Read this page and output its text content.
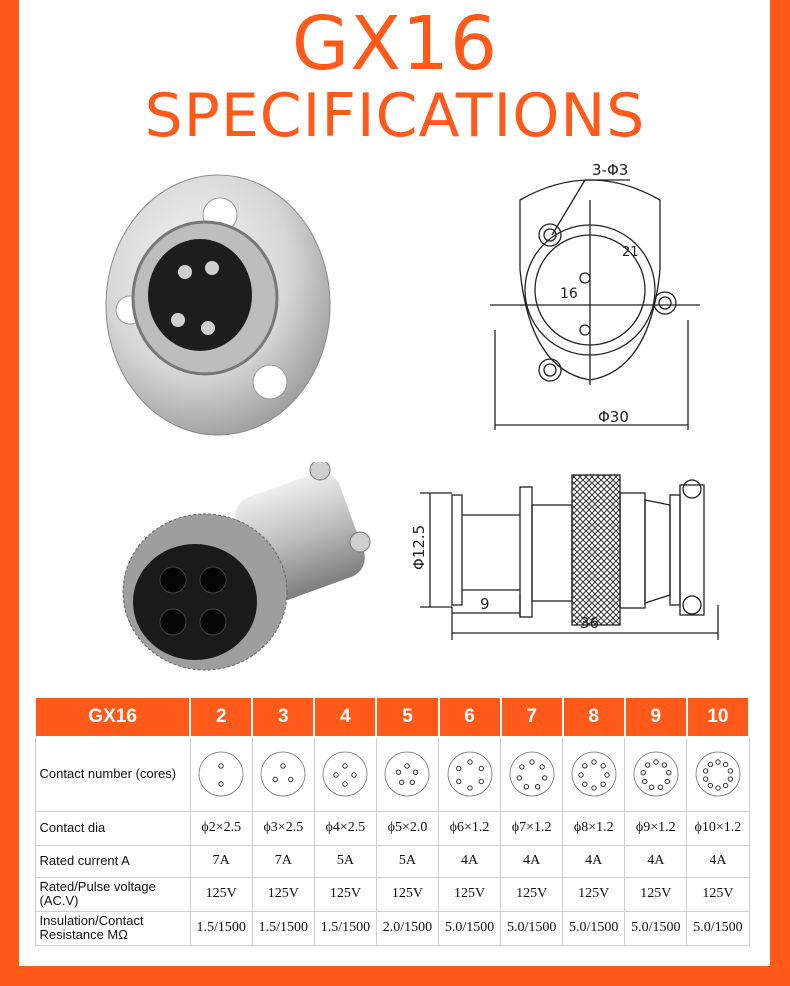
GX16
SPECIFICATIONS
3-Φ3
21
16
Φ30
Φ12.5
9
36
GX16	2	3	4	5	6	7	8	9	10
Contact number (cores)	

Contact dia	ϕ2×2.5	ϕ3×2.5	ϕ4×2.5	ϕ5×2.0	ϕ6×1.2	ϕ7×1.2	ϕ8×1.2	ϕ9×1.2	ϕ10×1.2
Rated current A	7A	7A	5A	5A	4A	4A	4A	4A	4A
Rated/Pulse voltage
(AC.V)	125V	125V	125V	125V	125V	125V	125V	125V	125V
Insulation/Contact
Resistance MΩ	1.5/1500	1.5/1500	1.5/1500	2.0/1500	5.0/1500	5.0/1500	5.0/1500	5.0/1500	5.0/1500
